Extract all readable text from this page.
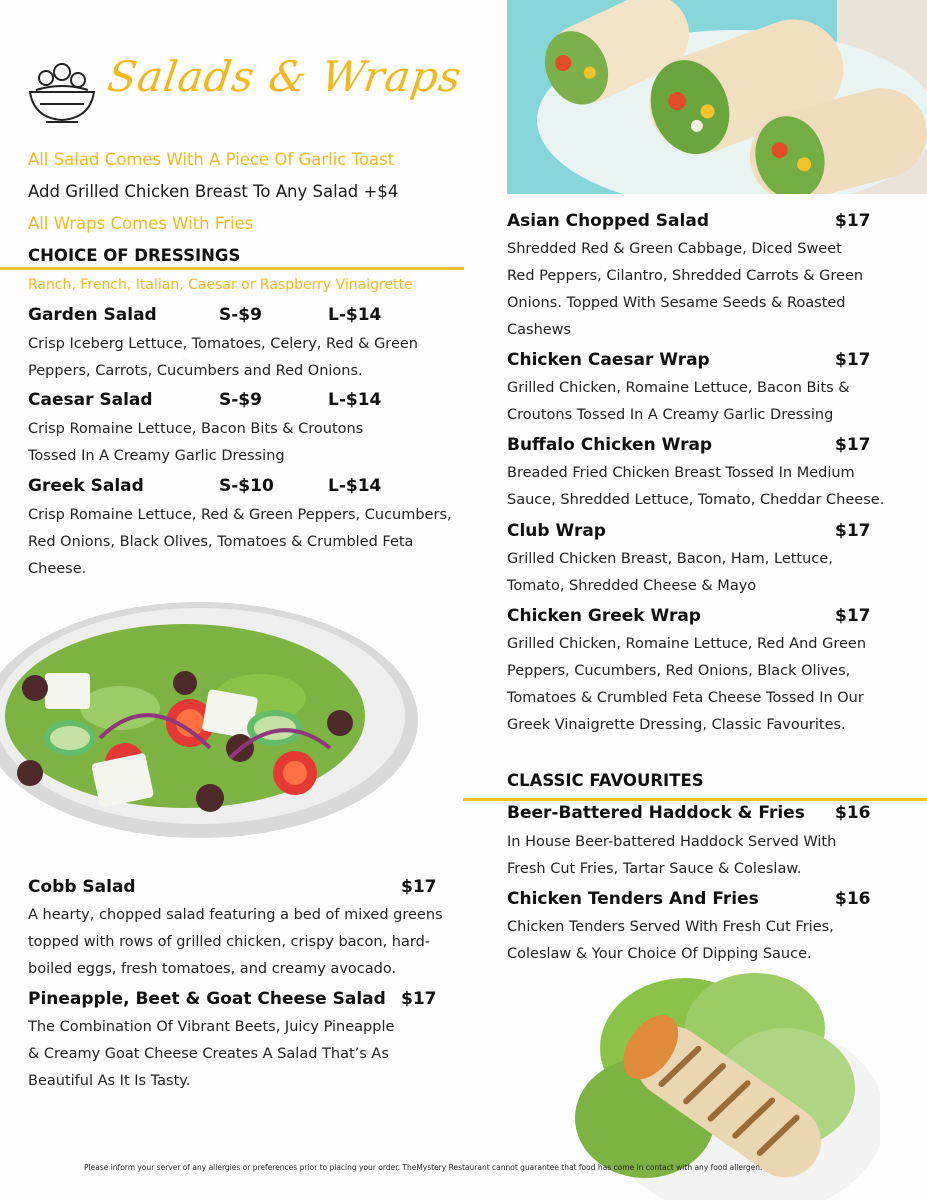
Salads & Wraps
All Salad Comes With A Piece Of Garlic Toast
Add Grilled Chicken Breast To Any Salad +$4
All Wraps Comes With Fries
CHOICE OF DRESSINGS
Ranch, French, Italian, Caesar or Raspberry Vinaigrette
Garden Salad	S-$9	L-$14
Crisp Iceberg Lettuce, Tomatoes, Celery, Red & Green
Peppers, Carrots, Cucumbers and Red Onions.
Caesar Salad	S-$9	L-$14
Crisp Romaine Lettuce, Bacon Bits & Croutons
Tossed In A Creamy Garlic Dressing
Greek Salad	S-$10	L-$14
Crisp Romaine Lettuce, Red & Green Peppers, Cucumbers,
Red Onions, Black Olives, Tomatoes & Crumbled Feta
Cheese.
Cobb Salad	$17
A hearty, chopped salad featuring a bed of mixed greens
topped with rows of grilled chicken, crispy bacon, hard-
boiled eggs, fresh tomatoes, and creamy avocado.
Pineapple, Beet & Goat Cheese Salad $17
The Combination Of Vibrant Beets, Juicy Pineapple
& Creamy Goat Cheese Creates A Salad That’s As
Beautiful As It Is Tasty.
Asian Chopped Salad	$17
Shredded Red & Green Cabbage, Diced Sweet
Red Peppers, Cilantro, Shredded Carrots & Green
Onions. Topped With Sesame Seeds & Roasted
Cashews
Chicken Caesar Wrap	$17
Grilled Chicken, Romaine Lettuce, Bacon Bits &
Croutons Tossed In A Creamy Garlic Dressing
Buffalo Chicken Wrap	$17
Breaded Fried Chicken Breast Tossed In Medium
Sauce, Shredded Lettuce, Tomato, Cheddar Cheese.
Club Wrap	$17
Grilled Chicken Breast, Bacon, Ham, Lettuce,
Tomato, Shredded Cheese & Mayo
Chicken Greek Wrap	$17
Grilled Chicken, Romaine Lettuce, Red And Green
Peppers, Cucumbers, Red Onions, Black Olives,
Tomatoes & Crumbled Feta Cheese Tossed In Our
Greek Vinaigrette Dressing, Classic Favourites.
CLASSIC FAVOURITES
Beer-Battered Haddock & Fries $16
In House Beer-battered Haddock Served With
Fresh Cut Fries, Tartar Sauce & Coleslaw.
Chicken Tenders And Fries	$16
Chicken Tenders Served With Fresh Cut Fries,
Coleslaw & Your Choice Of Dipping Sauce.
Please inform your server of any allergies or preferences prior to placing your order. TheMystery Restaurant cannot guarantee that food has come in contact with any food allergen.
